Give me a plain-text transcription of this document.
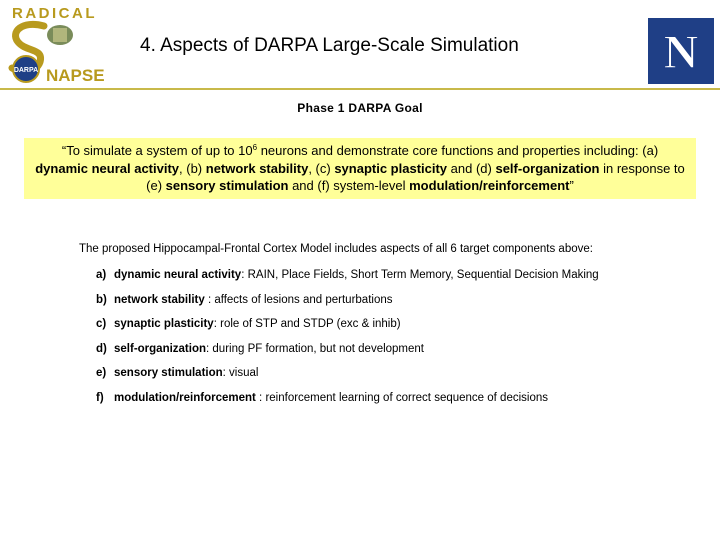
RADICAL
DARPA NAPSE
4. Aspects of DARPA Large-Scale Simulation	N
Phase 1 DARPA Goal
“To simulate a system of up to $10^6$ neurons and demonstrate core functions and properties including: (a) dynamic neural activity, (b) network stability, (c) synaptic plasticity and (d) self-organization in response to (e) sensory stimulation and (f) system-level modulation/reinforcement”
The proposed Hippocampal-Frontal Cortex Model includes aspects of all 6 target components above:
a) dynamic neural activity: RAIN, Place Fields, Short Term Memory, Sequential Decision Making
b) network stability : affects of lesions and perturbations
c) synaptic plasticity: role of STP and STDP (exc & inhib)
d) self-organization: during PF formation, but not development
e) sensory stimulation: visual
f) modulation/reinforcement : reinforcement learning of correct sequence of decisions
